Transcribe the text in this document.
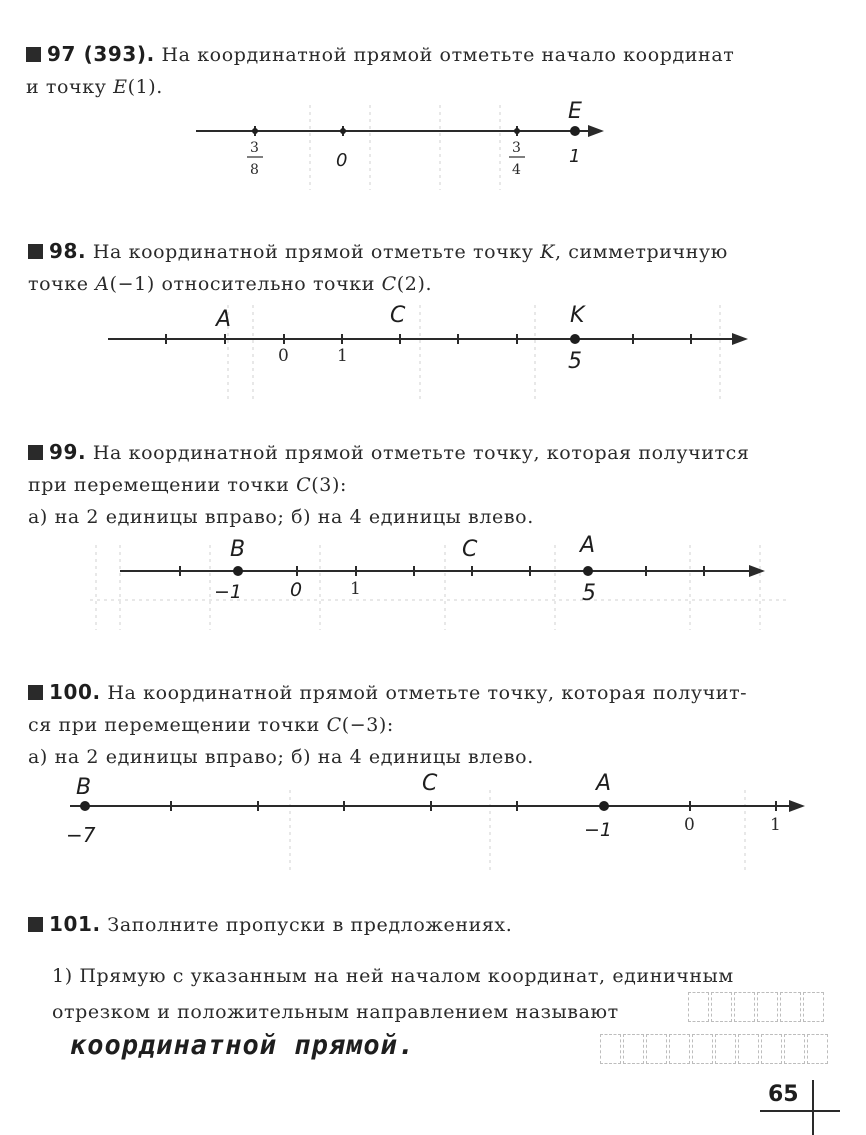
97 (393). На координатной прямой отметьте начало координат
и точку E(1).
E
3
8	0
3
4
1
A	C	K
0	1	5
B	C	A
−1	0	1	5
B	C	A
−7	−1	0	1
98. На координатной прямой отметьте точку K, симметричную
точке A(−1) относительно точки C(2).
99. На координатной прямой отметьте точку, которая получится
при перемещении точки C(3):
а) на 2 единицы вправо; б) на 4 единицы влево.
100. На координатной прямой отметьте точку, которая получит-
ся при перемещении точки C(−3):
а) на 2 единицы вправо; б) на 4 единицы влево.
101. Заполните пропуски в предложениях.
1) Прямую с указанным на ней началом координат, единичным
отрезком и положительным направлением называют
координатной прямой.
65
